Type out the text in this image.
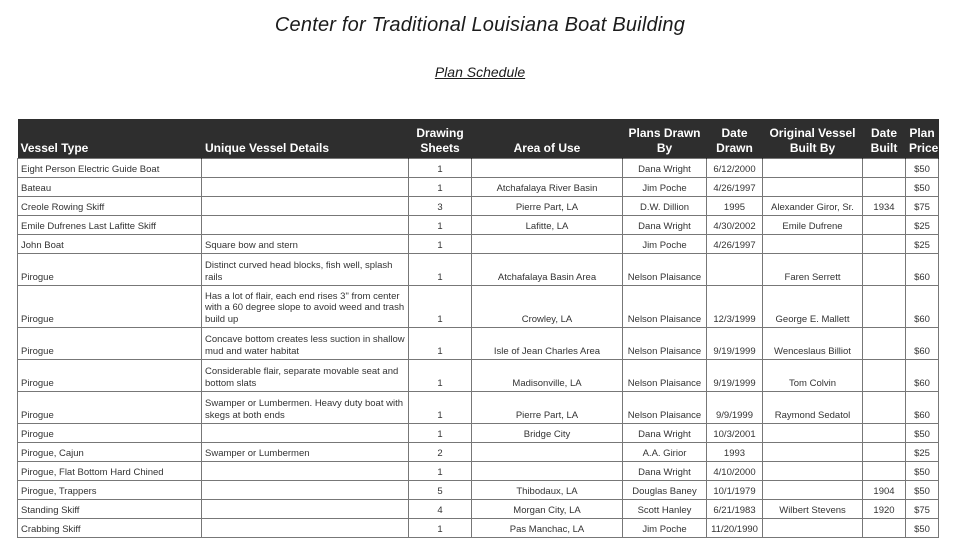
Center for Traditional Louisiana Boat Building
Plan Schedule
Vessel Type	Unique Vessel Details	Drawing Sheets	Area of Use	Plans Drawn By	Date Drawn	Original Vessel Built By	Date Built	Plan Price
Eight Person Electric Guide Boat		1		Dana Wright	6/12/2000			$50
Bateau		1	Atchafalaya River Basin	Jim Poche	4/26/1997			$50
Creole Rowing Skiff		3	Pierre Part, LA	D.W. Dillion	1995	Alexander Giror, Sr.	1934	$75
Emile Dufrenes Last Lafitte Skiff		1	Lafitte, LA	Dana Wright	4/30/2002	Emile Dufrene		$25
John Boat	Square bow and stern	1		Jim Poche	4/26/1997			$25
Pirogue	Distinct curved head blocks, fish well, splash rails	1	Atchafalaya Basin Area	Nelson Plaisance		Faren Serrett		$60
Pirogue	Has a lot of flair, each end rises 3" from center with a 60 degree slope to avoid weed and trash build up	1	Crowley, LA	Nelson Plaisance	12/3/1999	George E. Mallett		$60
Pirogue	Concave bottom creates less suction in shallow mud and water habitat	1	Isle of Jean Charles Area	Nelson Plaisance	9/19/1999	Wenceslaus Billiot		$60
Pirogue	Considerable flair, separate movable seat and bottom slats	1	Madisonville, LA	Nelson Plaisance	9/19/1999	Tom Colvin		$60
Pirogue	Swamper or Lumbermen. Heavy duty boat with skegs at both ends	1	Pierre Part, LA	Nelson Plaisance	9/9/1999	Raymond Sedatol		$60
Pirogue		1	Bridge City	Dana Wright	10/3/2001			$50
Pirogue, Cajun	Swamper or Lumbermen	2		A.A. Girior	1993			$25
Pirogue, Flat Bottom Hard Chined		1		Dana Wright	4/10/2000			$50
Pirogue, Trappers		5	Thibodaux, LA	Douglas Baney	10/1/1979		1904	$50
Standing Skiff		4	Morgan City, LA	Scott Hanley	6/21/1983	Wilbert Stevens	1920	$75
Crabbing Skiff		1	Pas Manchac, LA	Jim Poche	11/20/1990			$50
